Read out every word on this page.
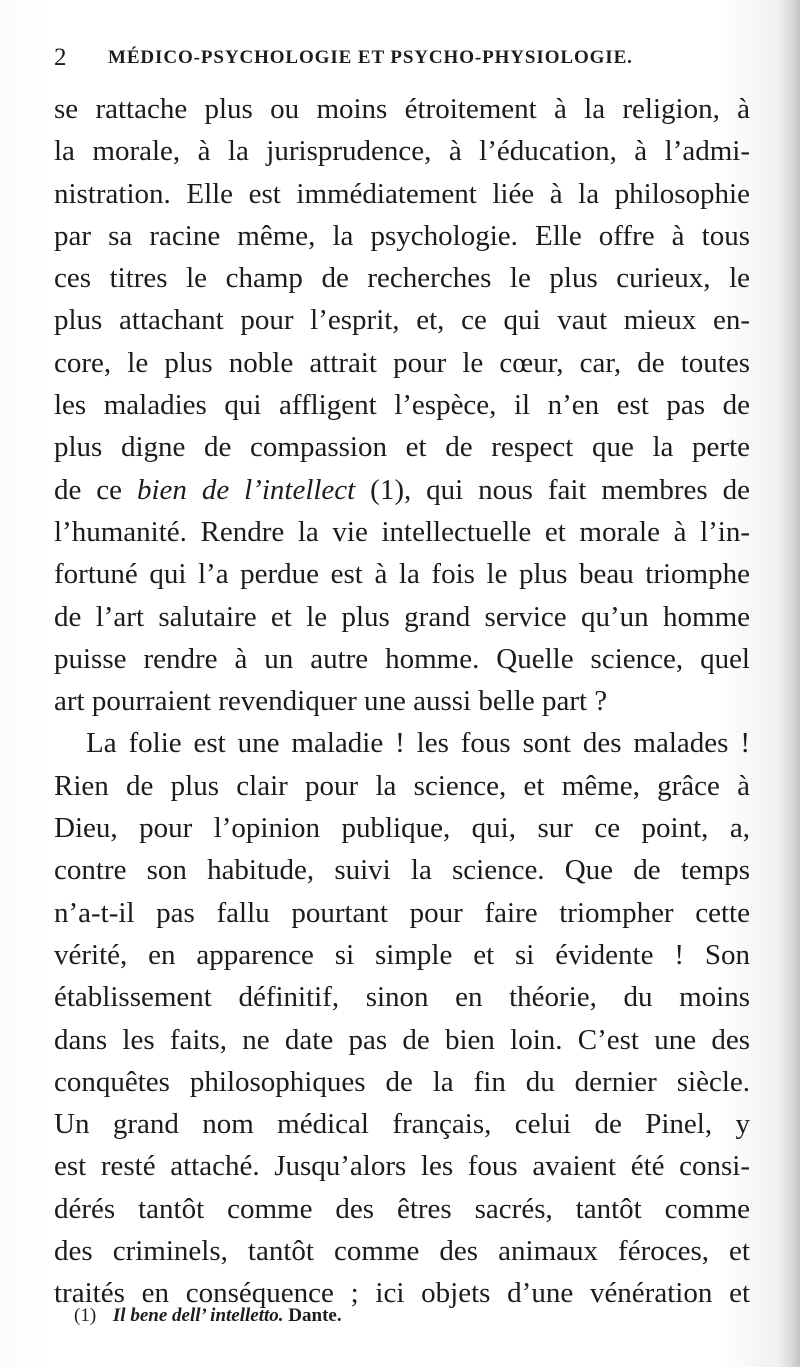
2 MÉDICO-PSYCHOLOGIE ET PSYCHO-PHYSIOLOGIE.
se rattache plus ou moins étroitement à la religion, à
la morale, à la jurisprudence, à l’éducation, à l’admi-
nistration. Elle est immédiatement liée à la philosophie
par sa racine même, la psychologie. Elle offre à tous
ces titres le champ de recherches le plus curieux, le
plus attachant pour l’esprit, et, ce qui vaut mieux en-
core, le plus noble attrait pour le cœur, car, de toutes
les maladies qui affligent l’espèce, il n’en est pas de
plus digne de compassion et de respect que la perte
de ce bien de l’intellect (1), qui nous fait membres de
l’humanité. Rendre la vie intellectuelle et morale à l’in-
fortuné qui l’a perdue est à la fois le plus beau triomphe
de l’art salutaire et le plus grand service qu’un homme
puisse rendre à un autre homme. Quelle science, quel
art pourraient revendiquer une aussi belle part ?
La folie est une maladie ! les fous sont des malades !
Rien de plus clair pour la science, et même, grâce à
Dieu, pour l’opinion publique, qui, sur ce point, a,
contre son habitude, suivi la science. Que de temps
n’a-t-il pas fallu pourtant pour faire triompher cette
vérité, en apparence si simple et si évidente ! Son
établissement définitif, sinon en théorie, du moins
dans les faits, ne date pas de bien loin. C’est une des
conquêtes philosophiques de la fin du dernier siècle.
Un grand nom médical français, celui de Pinel, y
est resté attaché. Jusqu’alors les fous avaient été consi-
dérés tantôt comme des êtres sacrés, tantôt comme
des criminels, tantôt comme des animaux féroces, et
traités en conséquence ; ici objets d’une vénération et
(1) Il bene dell’ intelletto. Dante.
